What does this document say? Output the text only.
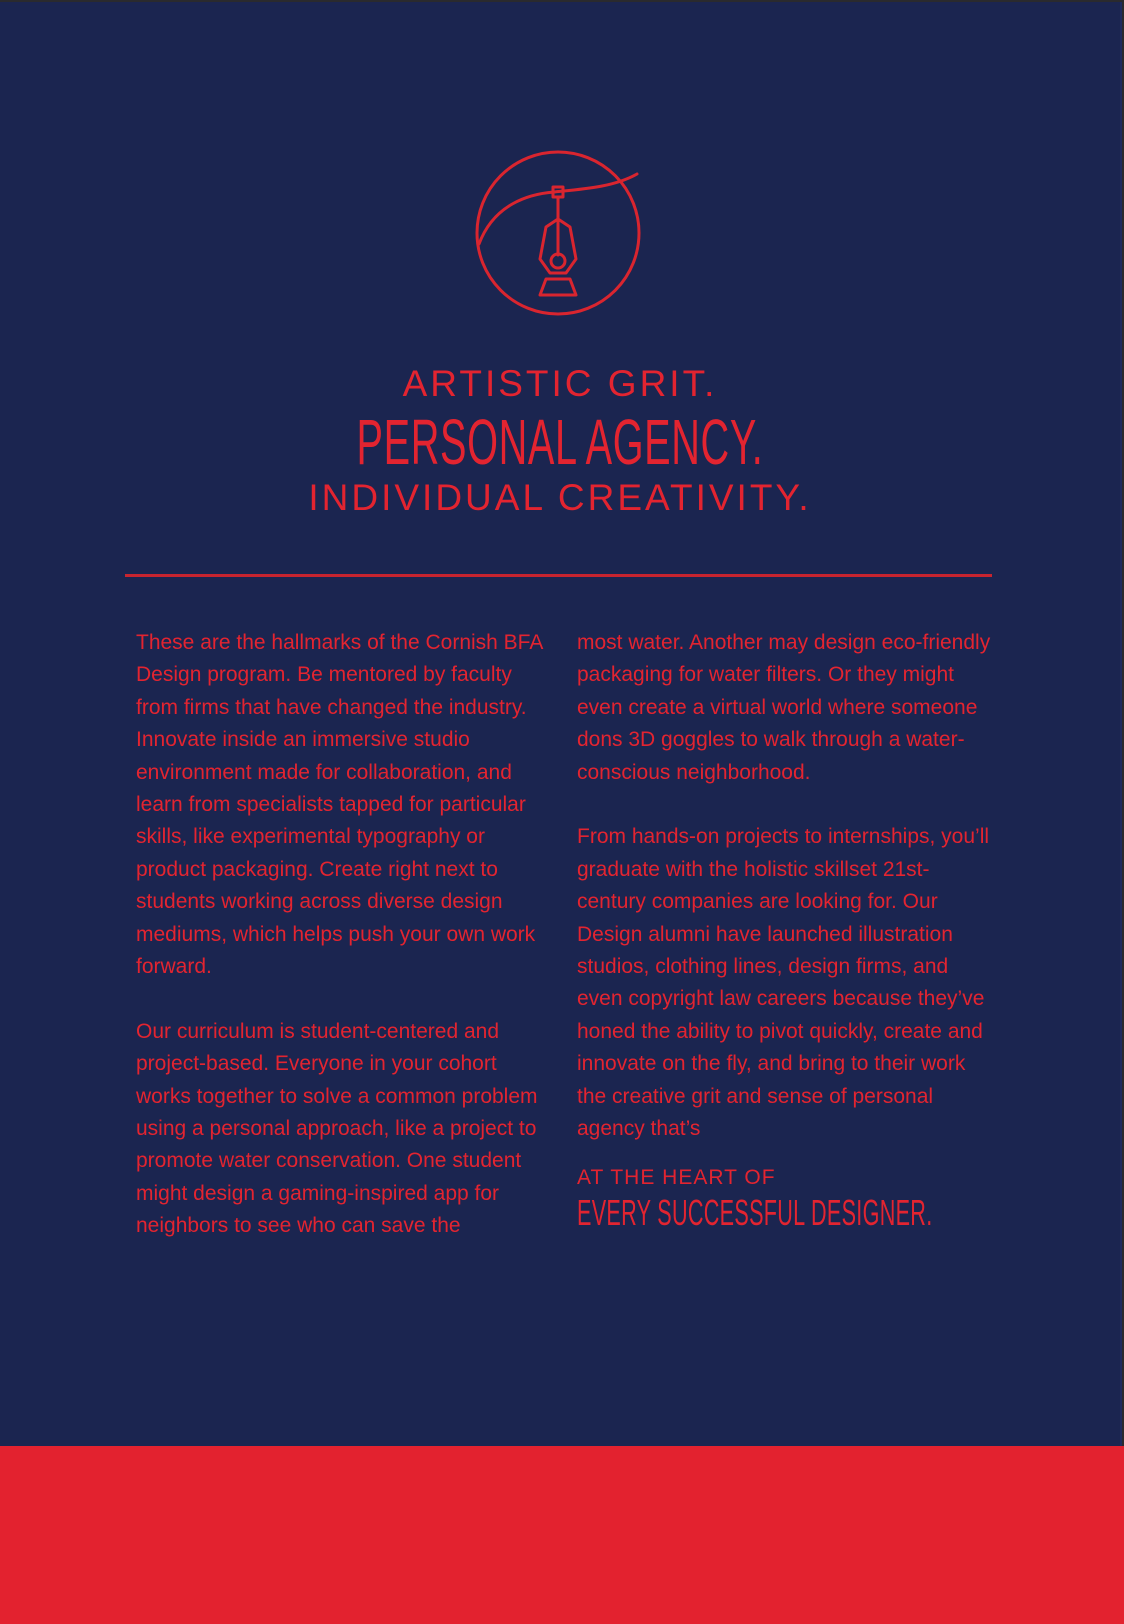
ARTISTIC GRIT.
PERSONAL AGENCY.
INDIVIDUAL CREATIVITY.

These are the hallmarks of the Cornish BFA Design program. Be mentored by faculty from firms that have changed the industry. Innovate inside an immersive studio environment made for collaboration, and learn from specialists tapped for particular skills, like experimental typography or product packaging. Create right next to students working across diverse design mediums, which helps push your own work forward.

Our curriculum is student-centered and project-based. Everyone in your cohort works together to solve a common problem using a personal approach, like a project to promote water conservation. One student might design a gaming-inspired app for neighbors to see who can save the

most water. Another may design eco-friendly packaging for water filters. Or they might even create a virtual world where someone dons 3D goggles to walk through a water-conscious neighborhood.

From hands-on projects to internships, you’ll graduate with the holistic skillset 21st-century companies are looking for. Our Design alumni have launched illustration studios, clothing lines, design firms, and even copyright law careers because they’ve honed the ability to pivot quickly, create and innovate on the fly, and bring to their work the creative grit and sense of personal agency that’s

AT THE HEART OF
EVERY SUCCESSFUL DESIGNER.
